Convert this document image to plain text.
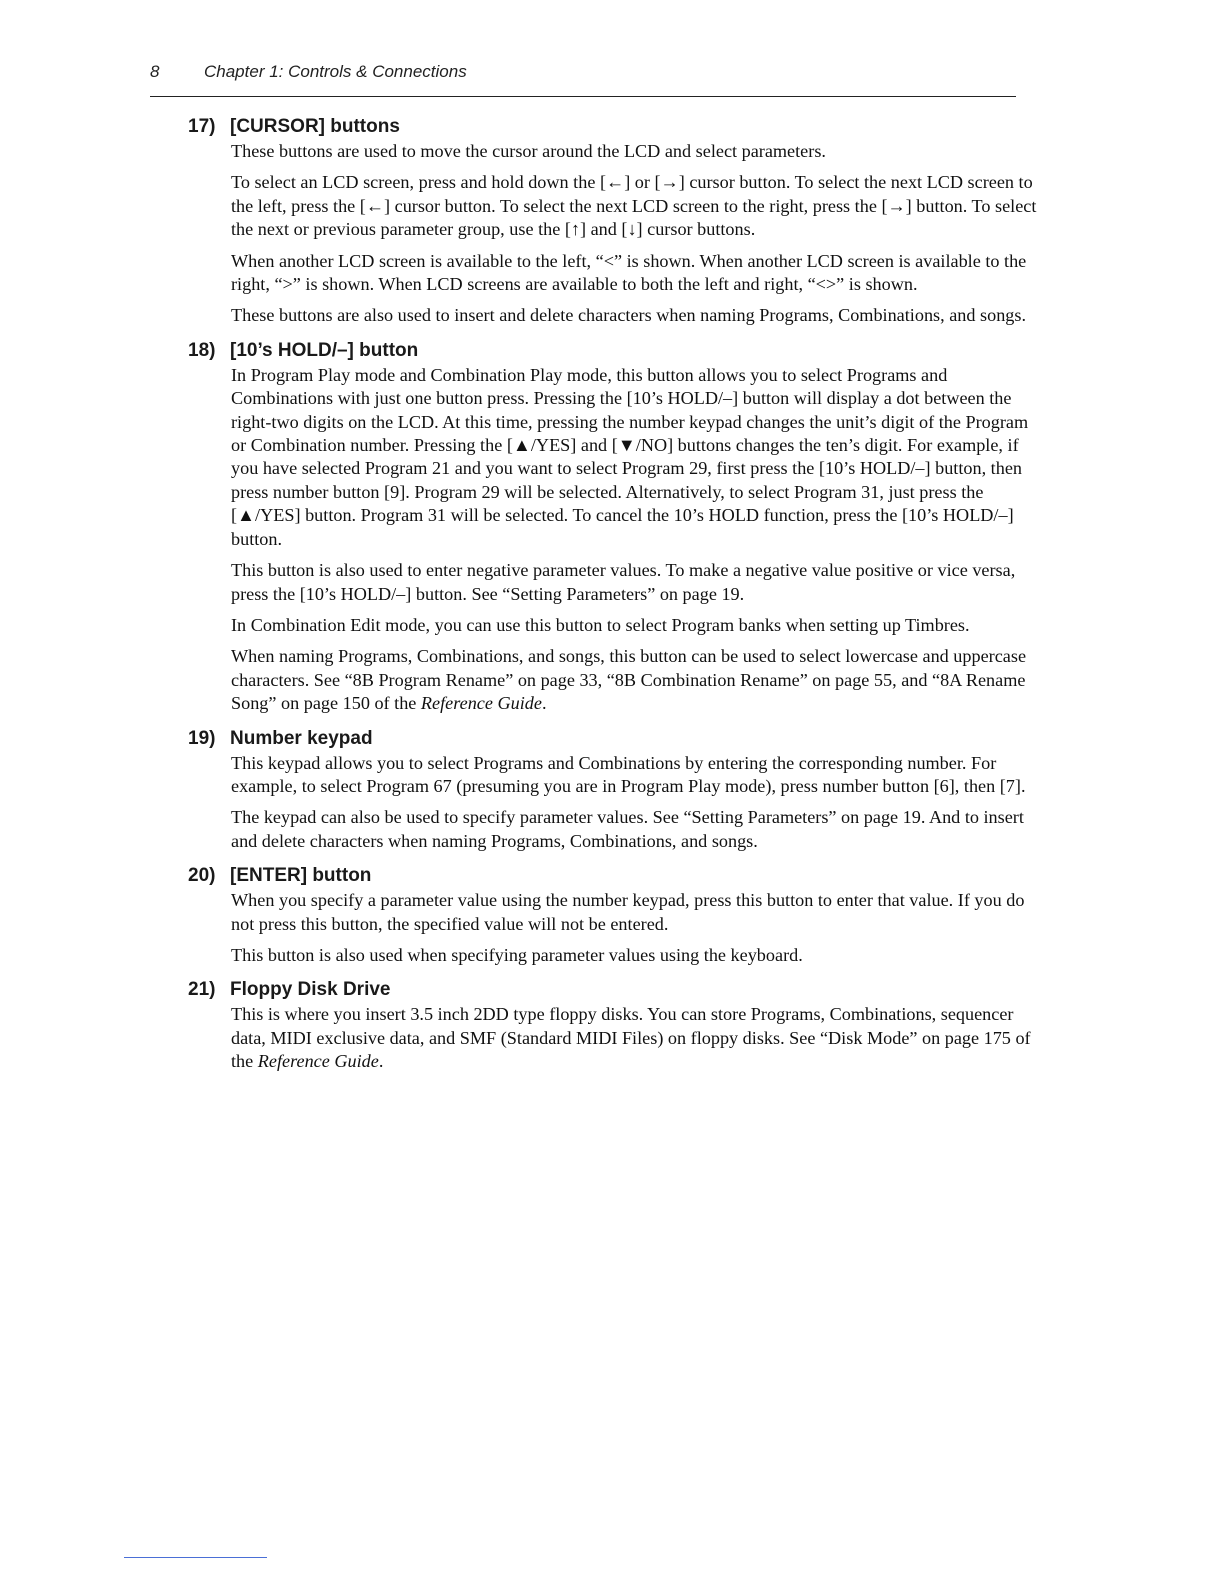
8	Chapter 1: Controls & Connections
17) [CURSOR] buttons

These buttons are used to move the cursor around the LCD and select parameters.

To select an LCD screen, press and hold down the [←] or [→] cursor button. To select the next LCD screen to the left, press the [←] cursor button. To select the next LCD screen to the right, press the [→] button. To select the next or previous parameter group, use the [↑] and [↓] cursor buttons.

When another LCD screen is available to the left, “<” is shown. When another LCD screen is available to the right, “>” is shown. When LCD screens are available to both the left and right, “<>” is shown.

These buttons are also used to insert and delete characters when naming Programs, Combinations, and songs.

18) [10’s HOLD/–] button

In Program Play mode and Combination Play mode, this button allows you to select Programs and Combinations with just one button press. Pressing the [10’s HOLD/–] button will display a dot between the right-two digits on the LCD. At this time, pressing the number keypad changes the unit’s digit of the Program or Combination number. Pressing the [▲/YES] and [▼/NO] buttons changes the ten’s digit. For example, if you have selected Program 21 and you want to select Program 29, first press the [10’s HOLD/–] button, then press number button [9]. Program 29 will be selected. Alternatively, to select Program 31, just press the [▲/YES] button. Program 31 will be selected. To cancel the 10’s HOLD function, press the [10’s HOLD/–] button.

This button is also used to enter negative parameter values. To make a negative value positive or vice versa, press the [10’s HOLD/–] button. See “Setting Parameters” on page 19.

In Combination Edit mode, you can use this button to select Program banks when setting up Timbres.

When naming Programs, Combinations, and songs, this button can be used to select lowercase and uppercase characters. See “8B Program Rename” on page 33, “8B Combination Rename” on page 55, and “8A Rename Song” on page 150 of the Reference Guide.

19) Number keypad

This keypad allows you to select Programs and Combinations by entering the corresponding number. For example, to select Program 67 (presuming you are in Program Play mode), press number button [6], then [7].

The keypad can also be used to specify parameter values. See “Setting Parameters” on page 19. And to insert and delete characters when naming Programs, Combinations, and songs.

20) [ENTER] button

When you specify a parameter value using the number keypad, press this button to enter that value. If you do not press this button, the specified value will not be entered.

This button is also used when specifying parameter values using the keyboard.

21) Floppy Disk Drive

This is where you insert 3.5 inch 2DD type floppy disks. You can store Programs, Combinations, sequencer data, MIDI exclusive data, and SMF (Standard MIDI Files) on floppy disks. See “Disk Mode” on page 175 of the Reference Guide.
